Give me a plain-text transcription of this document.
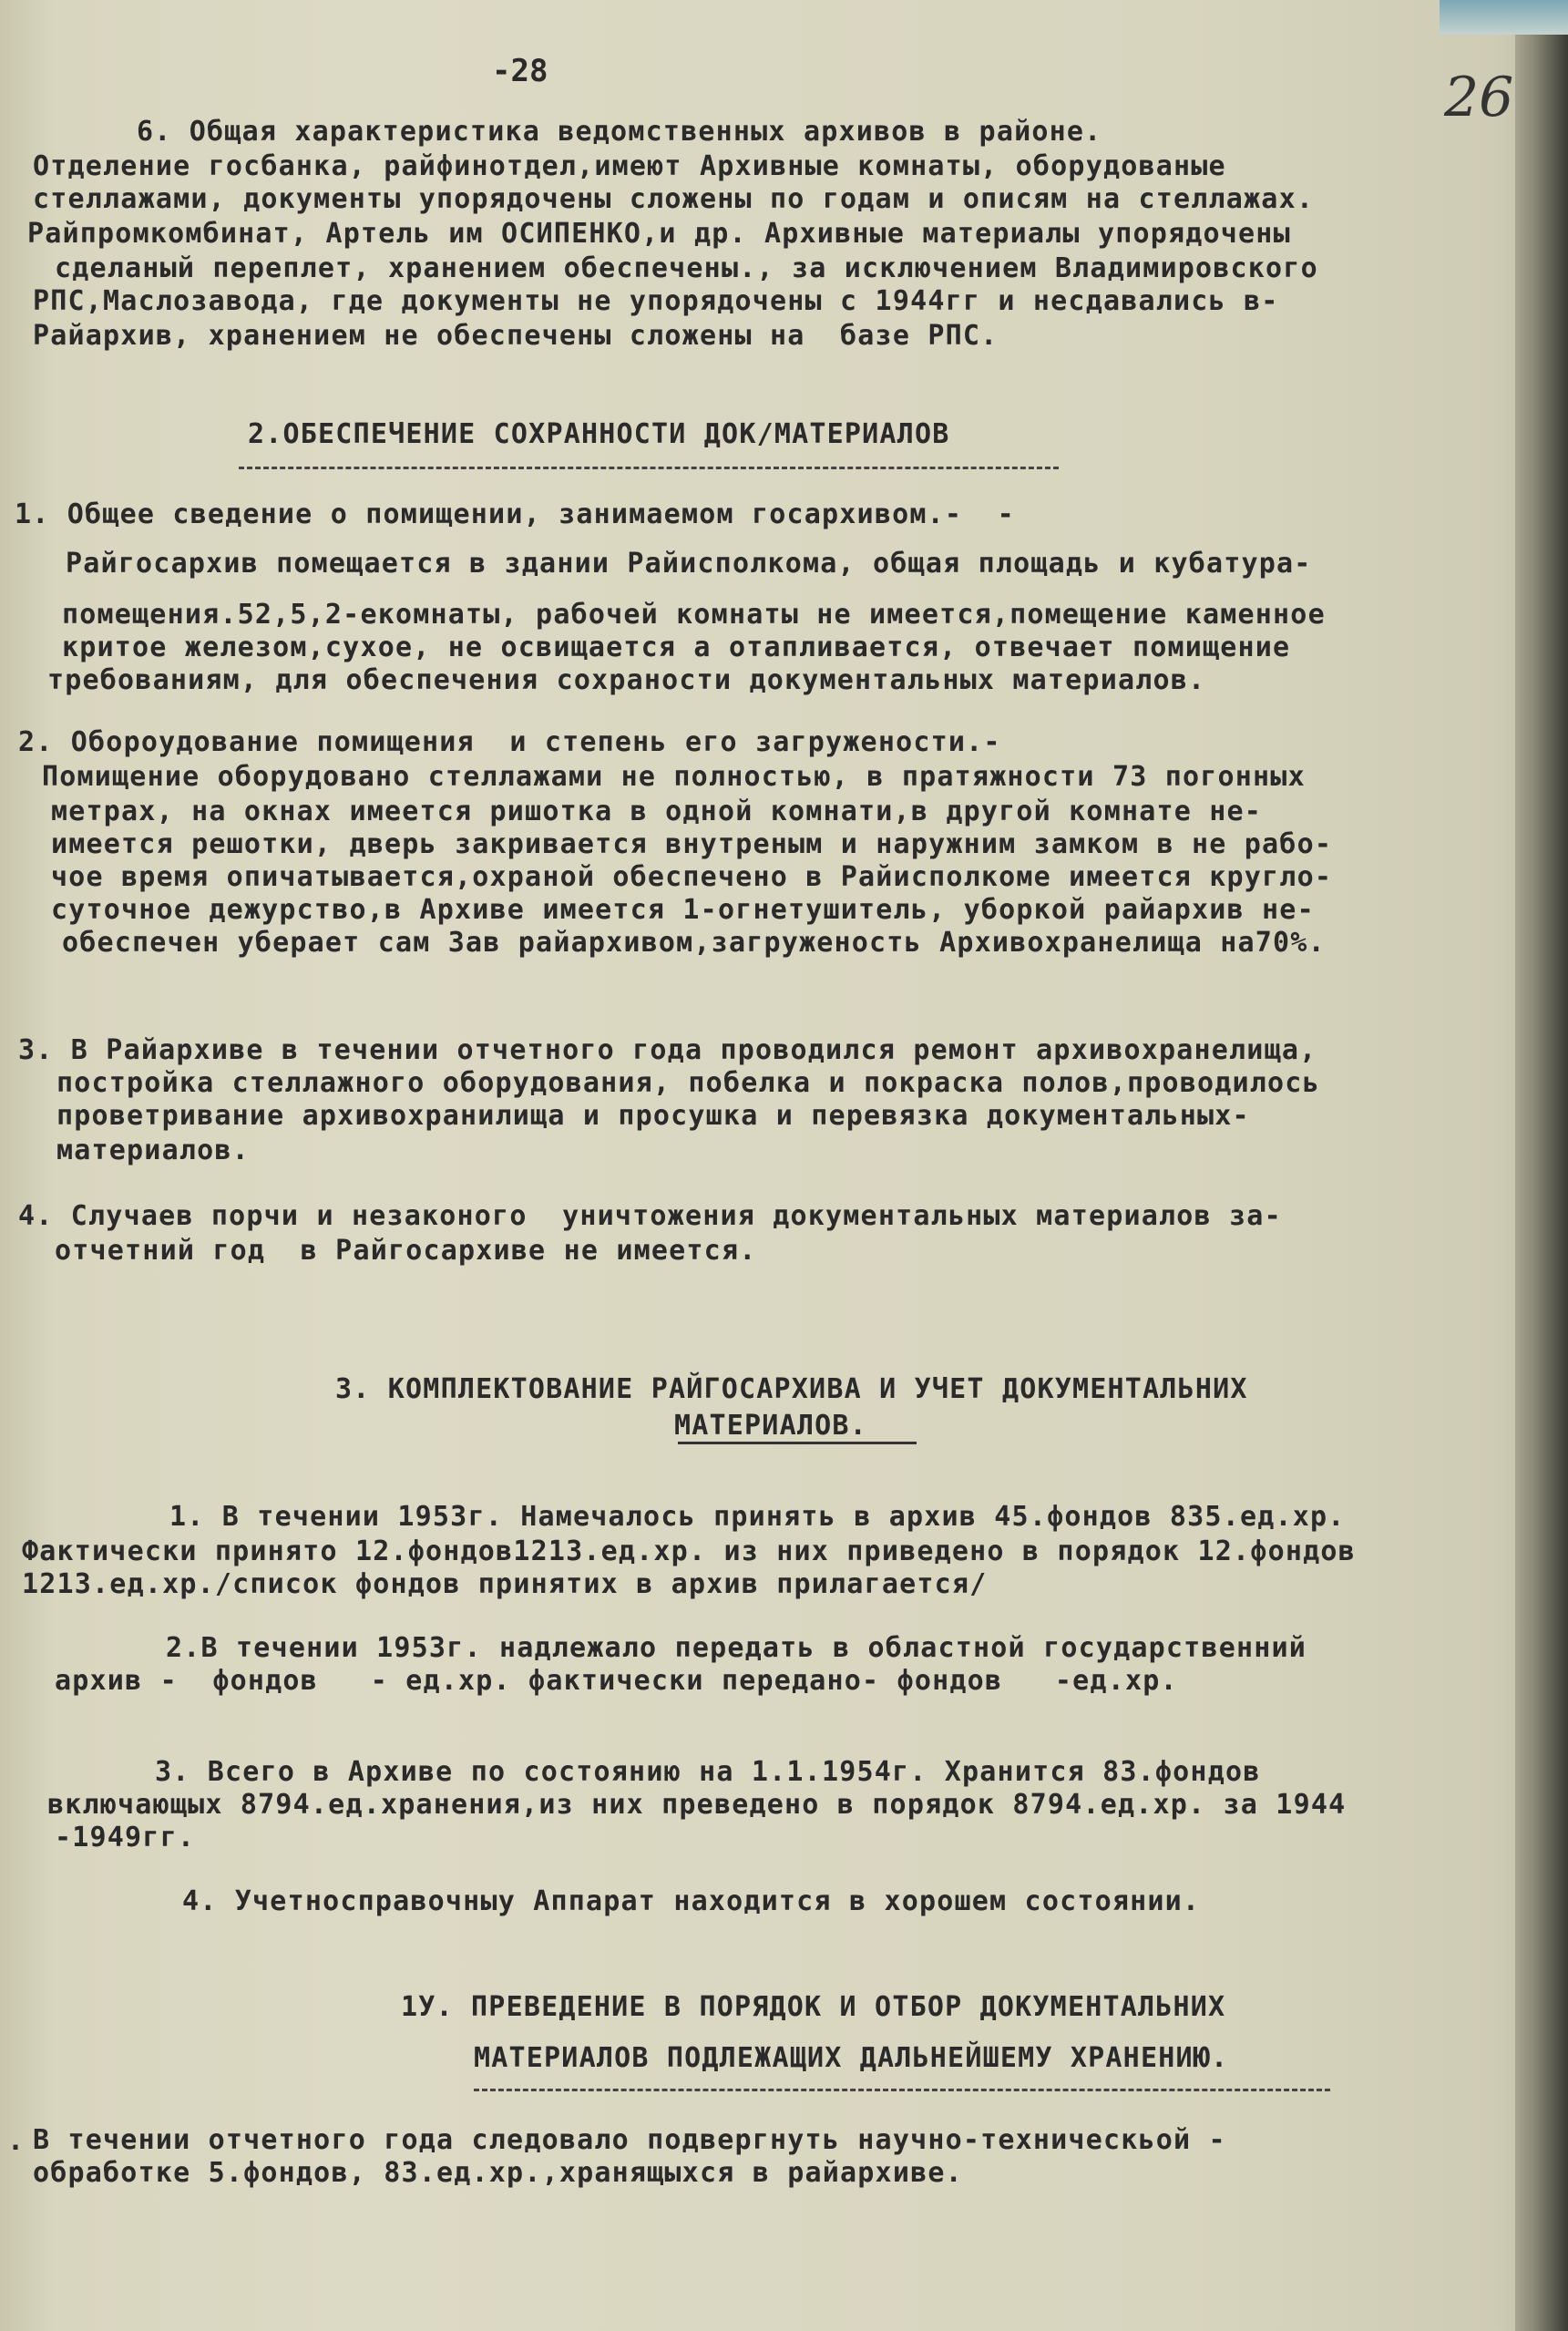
-28	26
6. Общая характеристика ведомственных архивов в районе.
Отделение госбанка, райфинотдел,имеют Архивные комнаты, оборудованые
стеллажами, документы упорядочены сложены по годам и описям на стеллажах.
Райпромкомбинат, Артель им ОСИПЕНКО,и др. Архивные материалы упорядочены
сделаный переплет, хранением обеспечены., за исключением Владимировского
РПС,Маслозавода, где документы не упорядочены с 1944гг и несдавались в-
Райархив, хранением не обеспечены сложены на  базе РПС.
2.ОБЕСПЕЧЕНИЕ СОХРАННОСТИ ДОК/МАТЕРИАЛОВ
1. Общее сведение о помищении, занимаемом госархивом.-  -
Райгосархив помещается в здании Райисполкома, общая площадь и кубатура-
помещения.52,5,2-екомнаты, рабочей комнаты не имеется,помещение каменное
критое железом,сухое, не освищается а отапливается, отвечает помищение
требованиям, для обеспечения сохраности документальных материалов.
2. Обороудование помищения  и степень его загружености.-
Помищение оборудовано стеллажами не полностью, в пратяжности 73 погонных
метрах, на окнах имеется ришотка в одной комнати,в другой комнате не-
имеется решотки, дверь закривается внутреным и наружним замком в не рабо-
чое время опичатывается,охраной обеспечено в Райисполкоме имеется кругло-
суточное дежурство,в Архиве имеется 1-огнетушитель, уборкой райархив не-
обеспечен уберает сам Зав райархивом,загруженость Архивохранелища на70%.
3. В Райархиве в течении отчетного года проводился ремонт архивохранелища,
постройка стеллажного оборудования, побелка и покраска полов,проводилось
проветривание архивохранилища и просушка и перевязка документальных-
материалов.
4. Случаев порчи и незаконого  уничтожения документальных материалов за-
отчетний год  в Райгосархиве не имеется.
3. КОМПЛЕКТОВАНИЕ РАЙГОСАРХИВА И УЧЕТ ДОКУМЕНТАЛЬНИХ
МАТЕРИАЛОВ.
1. В течении 1953г. Намечалось принять в архив 45.фондов 835.ед.хр.
Фактически принято 12.фондов1213.ед.хр. из них приведено в порядок 12.фондов
1213.ед.хр./список фондов принятих в архив прилагается/
2.В течении 1953г. надлежало передать в областной государственний
архив -  фондов   - ед.хр. фактически передано- фондов   -ед.хр.
3. Всего в Архиве по состоянию на 1.1.1954г. Хранится 83.фондов
включающых 8794.ед.хранения,из них преведено в порядок 8794.ед.хр. за 1944
-1949гг.
4. Учетносправочныу Аппарат находится в хорошем состоянии.
1У. ПРЕВЕДЕНИЕ В ПОРЯДОК И ОТБОР ДОКУМЕНТАЛЬНИХ
МАТЕРИАЛОВ ПОДЛЕЖАЩИХ ДАЛЬНЕЙШЕМУ ХРАНЕНИЮ.
· В течении отчетного года следовало подвергнуть научно-техническьой -
обработке 5.фондов, 83.ед.хр.,хранящыхся в райархиве.
